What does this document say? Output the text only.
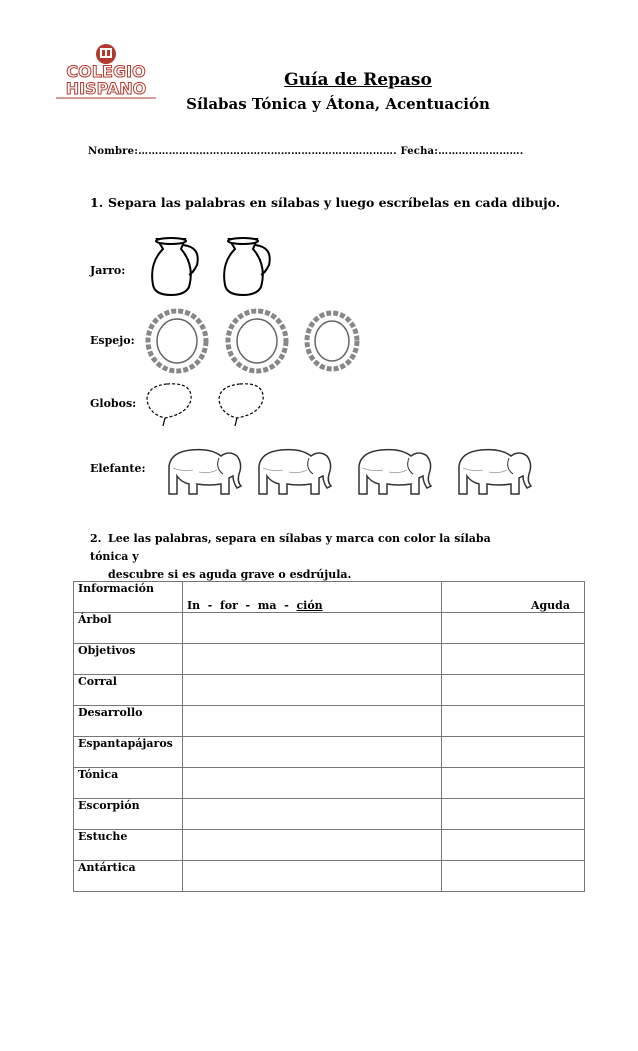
COLEGIO
HISPANO	Guía de Repaso
Sílabas Tónica y Átona, Acentuación
Nombre:…………………………………………………………………. Fecha:…………………….
1. Separa las palabras en sílabas y luego escríbelas en cada dibujo.
Jarro:
Espejo:
Globos:
Elefante:
2. Lee las palabras, separa en sílabas y marca con color la sílaba tónica y
descubre si es aguda grave o esdrújula.
Información	In  -  for  -  ma  -  ción	Aguda
Árbol		
Objetivos		
Corral		
Desarrollo		
Espantapájaros		
Tónica		
Escorpión		
Estuche		
Antártica		
